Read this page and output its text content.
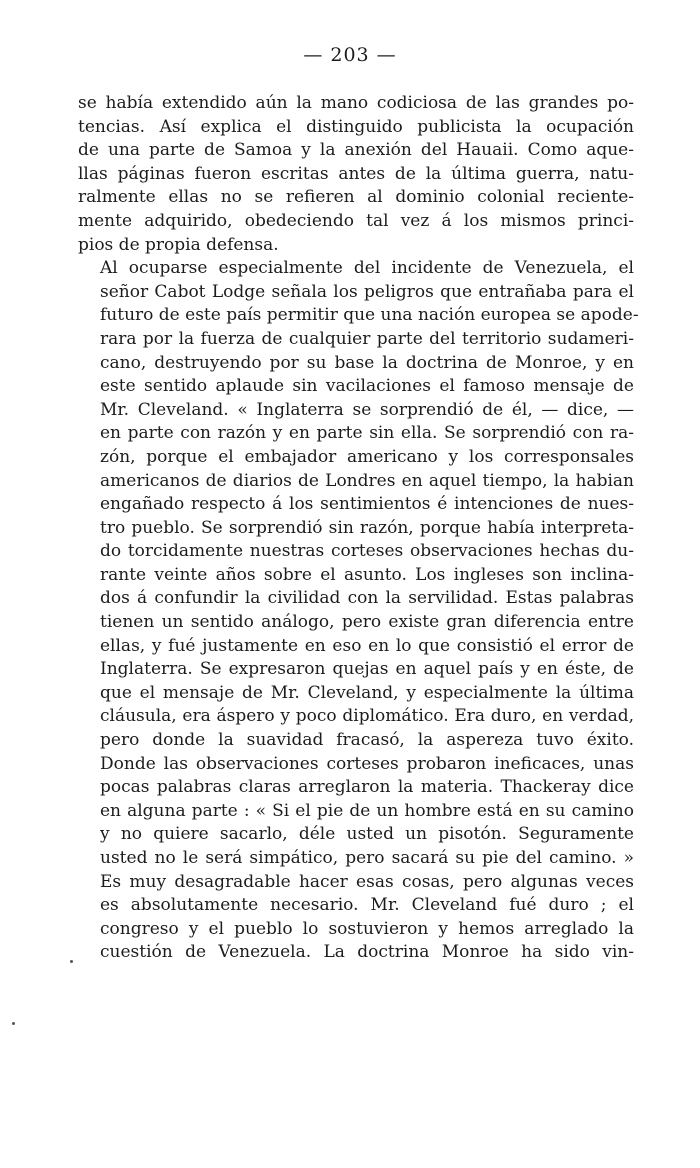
— 203 —
se había extendido aún la mano codiciosa de las grandes po-
tencias. Así explica el distinguido publicista la ocupación
de una parte de Samoa y la anexión del Hauaii. Como aque-
llas páginas fueron escritas antes de la última guerra, natu-
ralmente ellas no se refieren al dominio colonial reciente-
mente adquirido, obedeciendo tal vez á los mismos princi-
pios de propia defensa.
Al ocuparse especialmente del incidente de Venezuela, el
señor Cabot Lodge señala los peligros que entrañaba para el
futuro de este país permitir que una nación europea se apode-
rara por la fuerza de cualquier parte del territorio sudameri-
cano, destruyendo por su base la doctrina de Monroe, y en
este sentido aplaude sin vacilaciones el famoso mensaje de
Mr. Cleveland. « Inglaterra se sorprendió de él, — dice, —
en parte con razón y en parte sin ella. Se sorprendió con ra-
zón, porque el embajador americano y los corresponsales
americanos de diarios de Londres en aquel tiempo, la habian
engañado respecto á los sentimientos é intenciones de nues-
tro pueblo. Se sorprendió sin razón, porque había interpreta-
do torcidamente nuestras corteses observaciones hechas du-
rante veinte años sobre el asunto. Los ingleses son inclina-
dos á confundir la civilidad con la servilidad. Estas palabras
tienen un sentido análogo, pero existe gran diferencia entre
ellas, y fué justamente en eso en lo que consistió el error de
Inglaterra. Se expresaron quejas en aquel país y en éste, de
que el mensaje de Mr. Cleveland, y especialmente la última
cláusula, era áspero y poco diplomático. Era duro, en verdad,
pero donde la suavidad fracasó, la aspereza tuvo éxito.
Donde las observaciones corteses probaron ineficaces, unas
pocas palabras claras arreglaron la materia. Thackeray dice
en alguna parte : « Si el pie de un hombre está en su camino
y no quiere sacarlo, déle usted un pisotón. Seguramente
usted no le será simpático, pero sacará su pie del camino. »
Es muy desagradable hacer esas cosas, pero algunas veces
es absolutamente necesario. Mr. Cleveland fué duro ; el
congreso y el pueblo lo sostuvieron y hemos arreglado la
cuestión de Venezuela. La doctrina Monroe ha sido vin-
